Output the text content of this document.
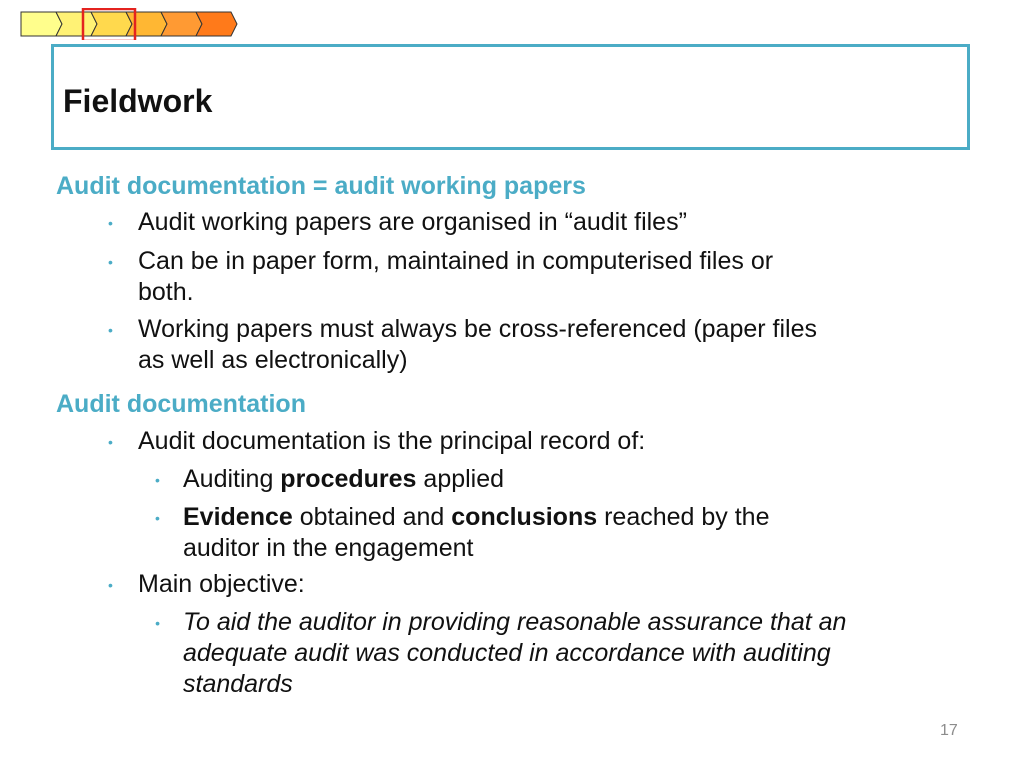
Fieldwork
Audit documentation = audit working papers
• Audit working papers are organised in “audit files”
• Can be in paper form, maintained in computerised files or
both.
• Working papers must always be cross-referenced (paper files
as well as electronically)
Audit documentation
• Audit documentation is the principal record of:
• Auditing procedures applied
• Evidence obtained and conclusions reached by the
auditor in the engagement
• Main objective:
• To aid the auditor in providing reasonable assurance that an
adequate audit was conducted in accordance with auditing
standards
17
